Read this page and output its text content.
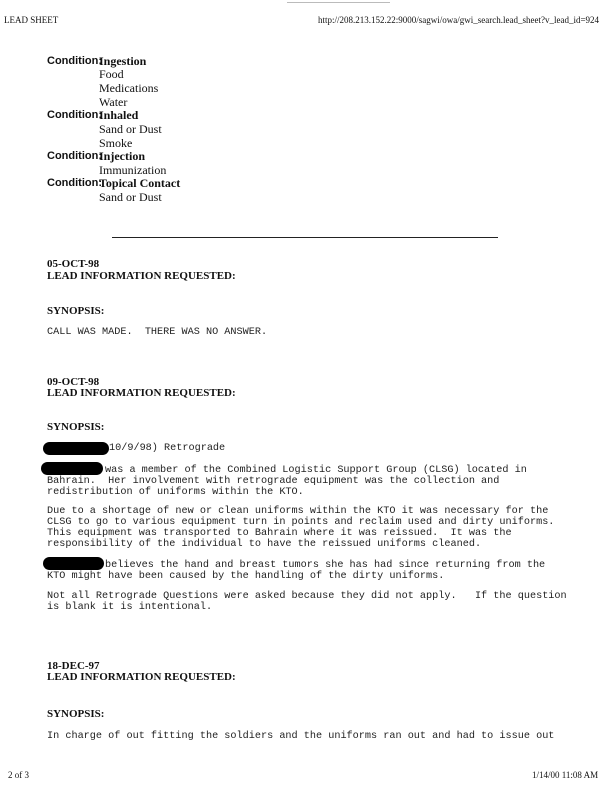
LEAD SHEET	http://208.213.152.22:9000/sagwi/owa/gwi_search.lead_sheet?v_lead_id=924
Condition:
Ingestion
Food
Medications
Water
Condition:
Inhaled
Sand or Dust
Smoke
Condition:
Injection
Immunization
Condition:
Topical Contact
Sand or Dust
05-OCT-98
LEAD INFORMATION REQUESTED:
SYNOPSIS:
CALL WAS MADE.  THERE WAS NO ANSWER.
09-OCT-98
LEAD INFORMATION REQUESTED:
SYNOPSIS:
10/9/98) Retrograde
was a member of the Combined Logistic Support Group (CLSG) located in
Bahrain.  Her involvement with retrograde equipment was the collection and
redistribution of uniforms within the KTO.
Due to a shortage of new or clean uniforms within the KTO it was necessary for the
CLSG to go to various equipment turn in points and reclaim used and dirty uniforms.
This equipment was transported to Bahrain where it was reissued.  It was the
responsibility of the individual to have the reissued uniforms cleaned.
believes the hand and breast tumors she has had since returning from the
KTO might have been caused by the handling of the dirty uniforms.
Not all Retrograde Questions were asked because they did not apply.   If the question
is blank it is intentional.
18-DEC-97
LEAD INFORMATION REQUESTED:
SYNOPSIS:
In charge of out fitting the soldiers and the uniforms ran out and had to issue out
2 of 3	1/14/00 11:08 AM
